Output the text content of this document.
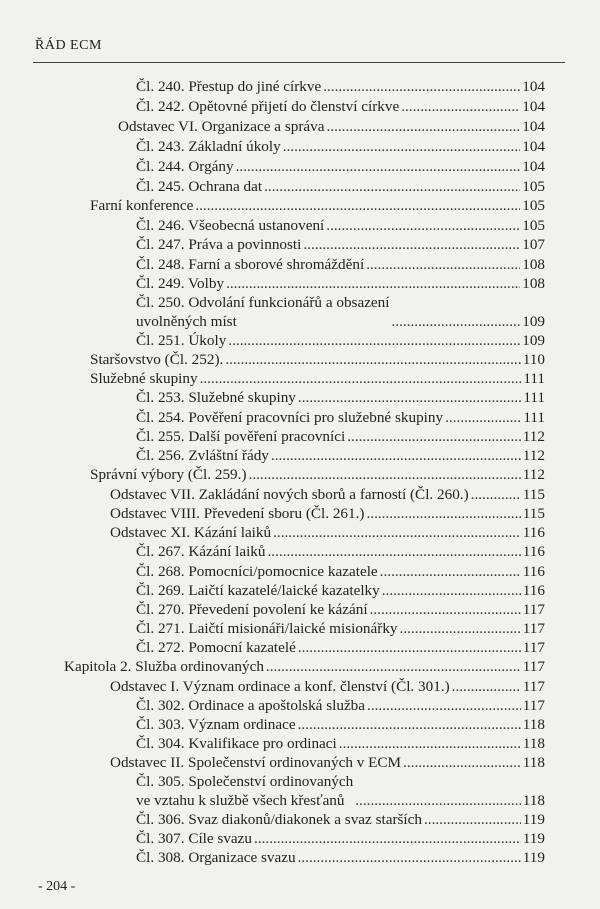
ŘÁD ECM
Čl. 240. Přestup do jiné církve .....	104
Čl. 242. Opětovné přijetí do členství církve .....	104
Odstavec VI. Organizace a správa .....	104
Čl. 243. Základní úkoly .....	104
Čl. 244. Orgány .....	104
Čl. 245. Ochrana dat .....	105
Farní konference .....	105
Čl. 246. Všeobecná ustanovení .....	105
Čl. 247. Práva a povinnosti .....	107
Čl. 248. Farní a sborové shromáždění .....	108
Čl. 249. Volby .....	108
Čl. 250. Odvolání funkcionářů a obsazení
uvolněných míst .....	109
Čl. 251. Úkoly .....	109
Staršovstvo (Čl. 252). .....	110
Služebné skupiny .....	111
Čl. 253. Služebné skupiny .....	111
Čl. 254. Pověření pracovníci pro služebné skupiny .....	111
Čl. 255. Další pověření pracovníci .....	112
Čl. 256. Zvláštní řády .....	112
Správní výbory (Čl. 259.) .....	112
Odstavec VII. Zakládání nových sborů a farností (Čl. 260.) .....	115
Odstavec VIII. Převedení sboru (Čl. 261.) .....	115
Odstavec XI. Kázání laiků .....	116
Čl. 267. Kázání laiků .....	116
Čl. 268. Pomocníci/pomocnice kazatele .....	116
Čl. 269. Laičtí kazatelé/laické kazatelky .....	116
Čl. 270. Převedení povolení ke kázání .....	117
Čl. 271. Laičtí misionáři/laické misionářky .....	117
Čl. 272. Pomocní kazatelé .....	117
Kapitola 2. Služba ordinovaných .....	117
Odstavec I. Význam ordinace a konf. členství (Čl. 301.) .....	117
Čl. 302. Ordinace a apoštolská služba .....	117
Čl. 303. Význam ordinace .....	118
Čl. 304. Kvalifikace pro ordinaci .....	118
Odstavec II. Společenství ordinovaných v ECM .....	118
Čl. 305. Společenství ordinovaných
ve vztahu k službě všech křesťanů .....	118
Čl. 306. Svaz diakonů/diakonek a svaz starších .....	119
Čl. 307. Cíle svazu .....	119
Čl. 308. Organizace svazu .....	119
- 204 -
